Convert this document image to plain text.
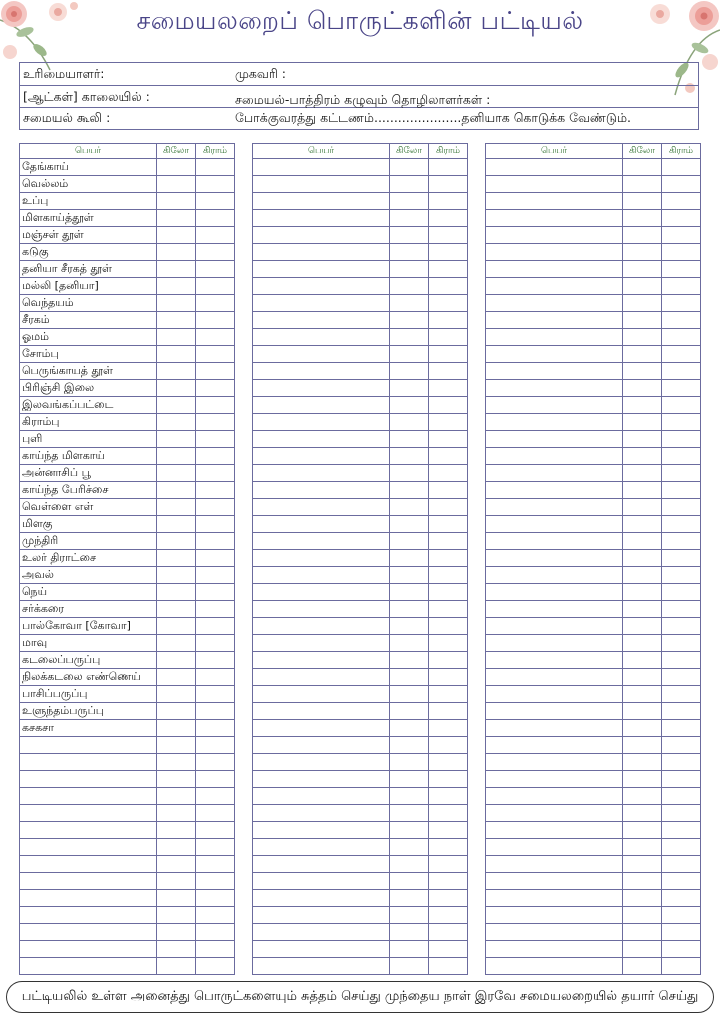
சமையலறைப் பொருட்களின் பட்டியல்
உரிமையாளர்:	முகவரி :
[ஆட்கள்] காலையில் :	சமையல்-பாத்திரம் கழுவும் தொழிலாளர்கள் :
சமையல் கூலி :	போக்குவரத்து கட்டணம்......................தனியாக கொடுக்க வேண்டும்.
பெயர்	கிலோ	கிராம்
தேங்காய்		
வெல்லம்		
உப்பு		
மிளகாய்த்தூள்		
மஞ்சள் தூள்		
கடுகு		
தனியா சீரகத் தூள்		
மல்லி [தனியா]		
வெந்தயம்		
சீரகம்		
ஓமம்		
சோம்பு		
பெருங்காயத் தூள்		
பிரிஞ்சி இலை		
இலவங்கப்பட்டை		
கிராம்பு		
புளி		
காய்ந்த மிளகாய்		
அன்னாசிப் பூ		
காய்ந்த பேரிச்சை		
வெள்ளை எள்		
மிளகு		
முந்திரி		
உலர் திராட்சை		
அவல்		
நெய்		
சர்க்கரை		
பால்கோவா [கோவா]		
மாவு		
கடலைப்பருப்பு		
நிலக்கடலை எண்ணெய்		
பாசிப்பருப்பு		
உளுந்தம்பருப்பு		
கசகசா		

பெயர்	கிலோ	கிராம்

			பெயர்	கிலோ	கிராம்

பட்டியலில் உள்ள அனைத்து பொருட்களையும் சுத்தம் செய்து முந்தைய நாள் இரவே சமையலறையில் தயார் செய்து
